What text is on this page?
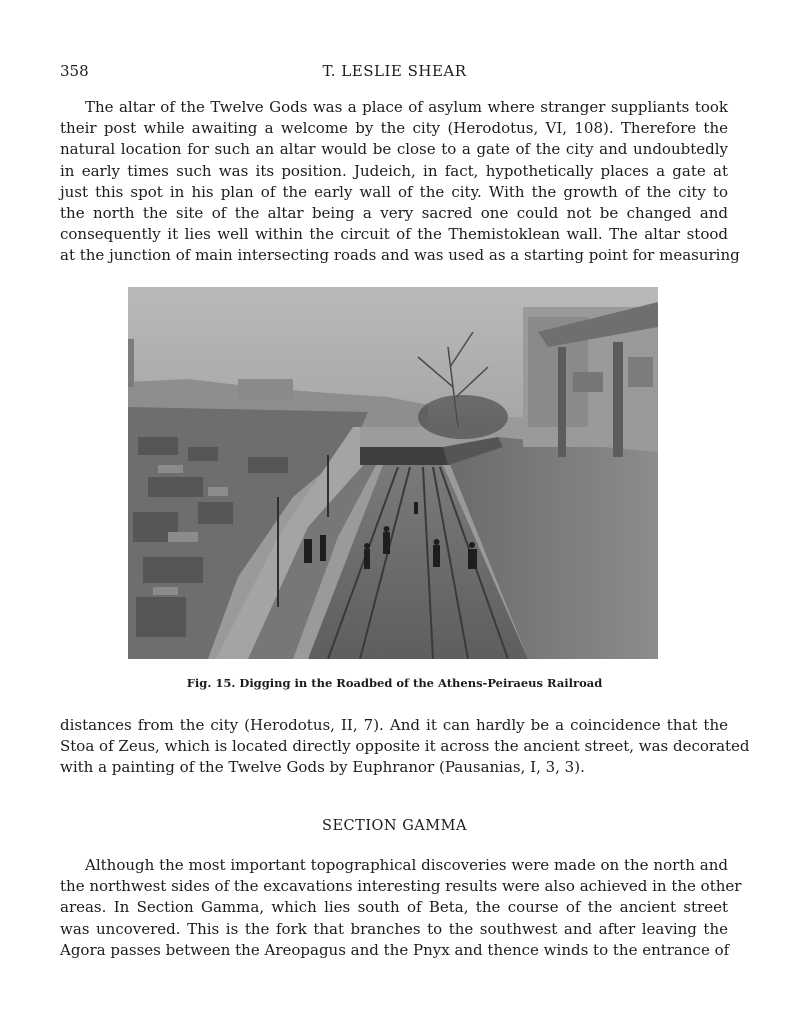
358	T. LESLIE SHEAR
The altar of the Twelve Gods was a place of asylum where stranger suppliants took
their post while awaiting a welcome by the city (Herodotus, VI, 108). Therefore the
natural location for such an altar would be close to a gate of the city and undoubtedly
in early times such was its position. Judeich, in fact, hypothetically places a gate at
just this spot in his plan of the early wall of the city. With the growth of the city to
the north the site of the altar being a very sacred one could not be changed and
consequently it lies well within the circuit of the Themistoklean wall. The altar stood
at the junction of main intersecting roads and was used as a starting point for measuring
Fig. 15. Digging in the Roadbed of the Athens-Peiraeus Railroad
distances from the city (Herodotus, II, 7). And it can hardly be a coincidence that the
Stoa of Zeus, which is located directly opposite it across the ancient street, was decorated
with a painting of the Twelve Gods by Euphranor (Pausanias, I, 3, 3).
SECTION GAMMA
Although the most important topographical discoveries were made on the north and
the northwest sides of the excavations interesting results were also achieved in the other
areas. In Section Gamma, which lies south of Beta, the course of the ancient street
was uncovered. This is the fork that branches to the southwest and after leaving the
Agora passes between the Areopagus and the Pnyx and thence winds to the entrance of
